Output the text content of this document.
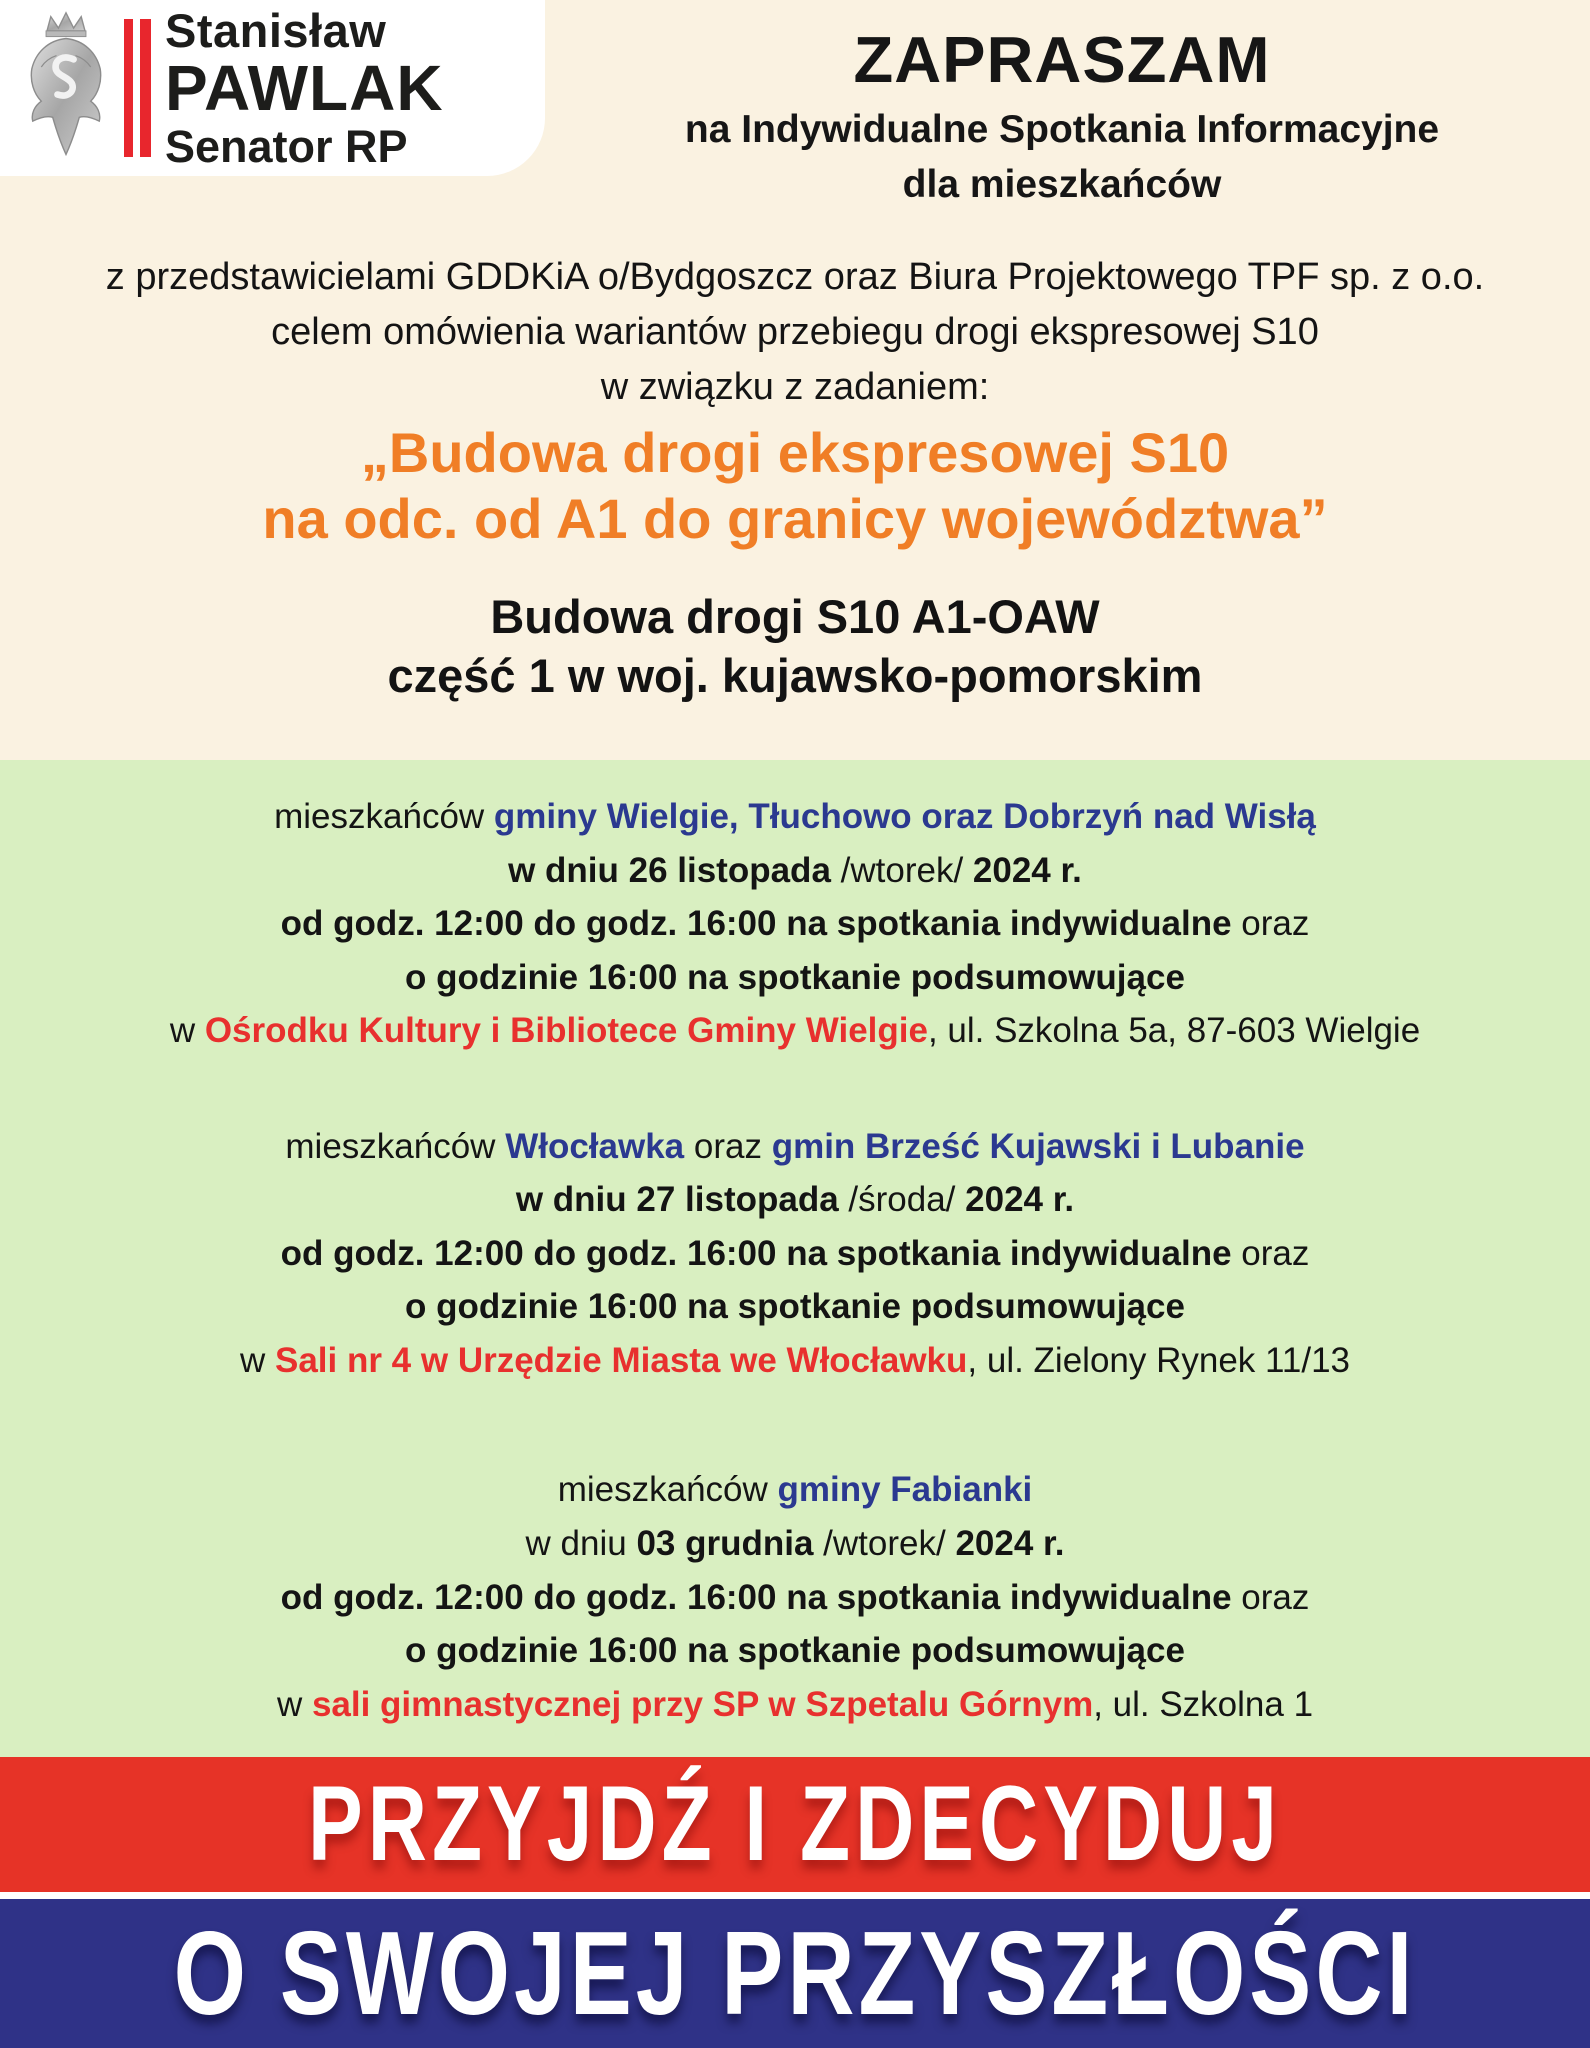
Stanisław
PAWLAK
Senator RP
ZAPRASZAM
na Indywidualne Spotkania Informacyjne
dla mieszkańców
z przedstawicielami GDDKiA o/Bydgoszcz oraz Biura Projektowego TPF sp. z o.o.
celem omówienia wariantów przebiegu drogi ekspresowej S10
w związku z zadaniem:
„Budowa drogi ekspresowej S10
na odc. od A1 do granicy województwa”
Budowa drogi S10 A1-OAW
część 1 w woj. kujawsko-pomorskim
mieszkańców gminy Wielgie, Tłuchowo oraz Dobrzyń nad Wisłą
w dniu 26 listopada /wtorek/ 2024 r.
od godz. 12:00 do godz. 16:00 na spotkania indywidualne oraz
o godzinie 16:00 na spotkanie podsumowujące
w Ośrodku Kultury i Bibliotece Gminy Wielgie, ul. Szkolna 5a, 87-603 Wielgie
mieszkańców Włocławka oraz gmin Brześć Kujawski i Lubanie
w dniu 27 listopada /środa/ 2024 r.
od godz. 12:00 do godz. 16:00 na spotkania indywidualne oraz
o godzinie 16:00 na spotkanie podsumowujące
w Sali nr 4 w Urzędzie Miasta we Włocławku, ul. Zielony Rynek 11/13
mieszkańców gminy Fabianki
w dniu 03 grudnia /wtorek/ 2024 r.
od godz. 12:00 do godz. 16:00 na spotkania indywidualne oraz
o godzinie 16:00 na spotkanie podsumowujące
w sali gimnastycznej przy SP w Szpetalu Górnym, ul. Szkolna 1
PRZYJDŹ I ZDECYDUJ
O SWOJEJ PRZYSZŁOŚCI
